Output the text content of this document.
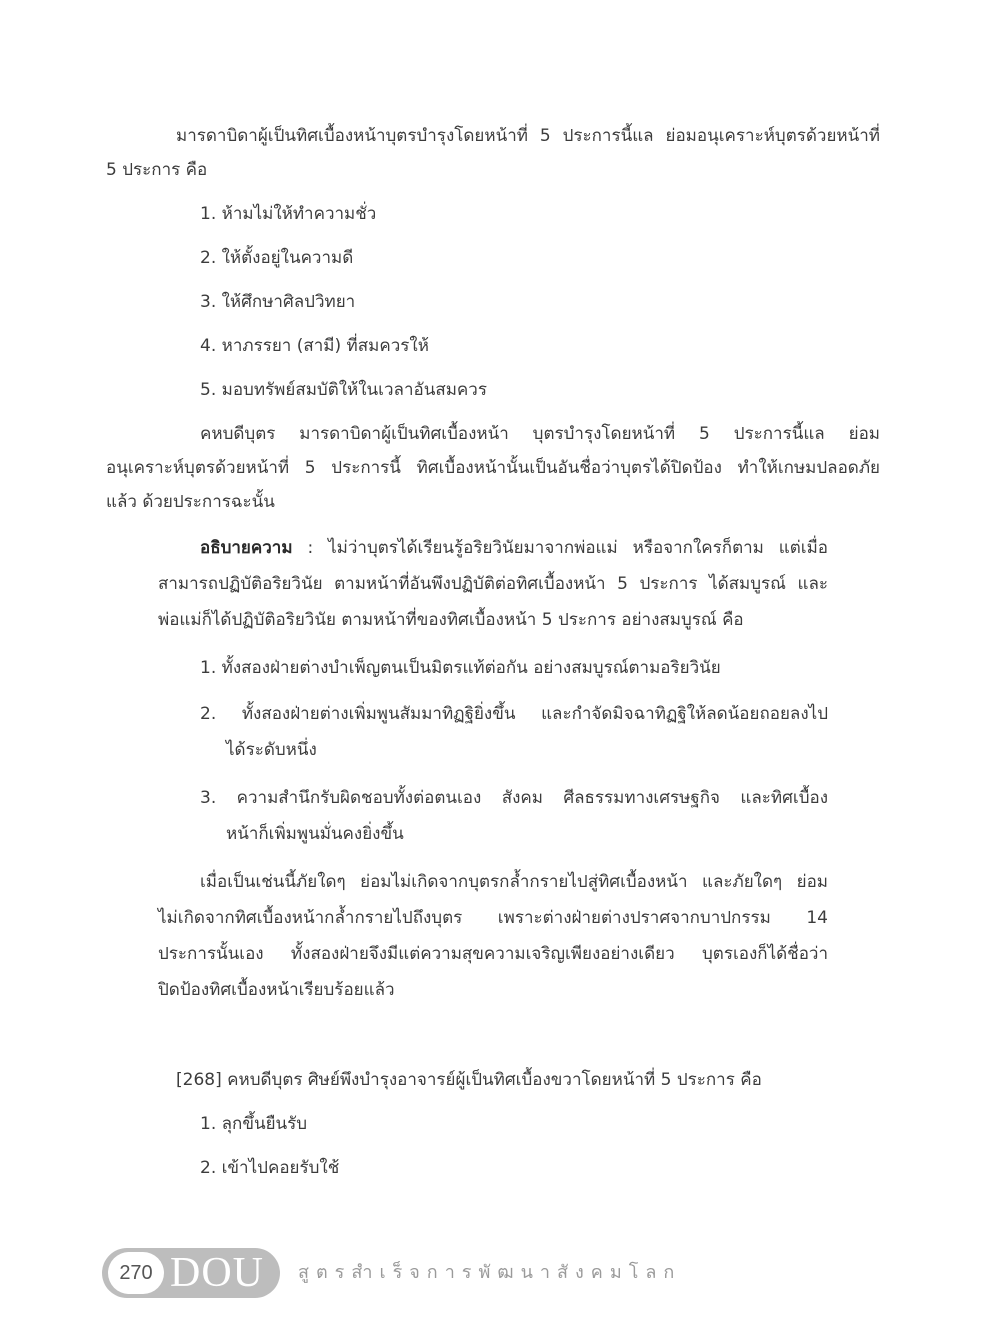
มารดาบิดาผู้เป็นทิศเบื้องหน้าบุตรบำรุงโดยหน้าที่ 5 ประการนี้แล ย่อมอนุเคราะห์บุตรด้วยหน้าที่

5 ประการ คือ

1. ห้ามไม่ให้ทำความชั่ว

2. ให้ตั้งอยู่ในความดี

3. ให้ศึกษาศิลปวิทยา

4. หาภรรยา (สามี) ที่สมควรให้

5. มอบทรัพย์สมบัติให้ในเวลาอันสมควร

คหบดีบุตร มารดาบิดาผู้เป็นทิศเบื้องหน้า บุตรบำรุงโดยหน้าที่ 5 ประการนี้แล ย่อม

อนุเคราะห์บุตรด้วยหน้าที่ 5 ประการนี้ ทิศเบื้องหน้านั้นเป็นอันชื่อว่าบุตรได้ปิดป้อง ทำให้เกษมปลอดภัย

แล้ว ด้วยประการฉะนั้น

อธิบายความ : ไม่ว่าบุตรได้เรียนรู้อริยวินัยมาจากพ่อแม่ หรือจากใครก็ตาม แต่เมื่อ

สามารถปฏิบัติอริยวินัย ตามหน้าที่อันพึงปฏิบัติต่อทิศเบื้องหน้า 5 ประการ ได้สมบูรณ์ และ

พ่อแม่ก็ได้ปฏิบัติอริยวินัย ตามหน้าที่ของทิศเบื้องหน้า 5 ประการ อย่างสมบูรณ์ คือ

1. ทั้งสองฝ่ายต่างบำเพ็ญตนเป็นมิตรแท้ต่อกัน อย่างสมบูรณ์ตามอริยวินัย

2. ทั้งสองฝ่ายต่างเพิ่มพูนสัมมาทิฏฐิยิ่งขึ้น และกำจัดมิจฉาทิฏฐิให้ลดน้อยถอยลงไป

ได้ระดับหนึ่ง

3. ความสำนึกรับผิดชอบทั้งต่อตนเอง สังคม ศีลธรรมทางเศรษฐกิจ และทิศเบื้อง

หน้าก็เพิ่มพูนมั่นคงยิ่งขึ้น

เมื่อเป็นเช่นนี้ภัยใดๆ ย่อมไม่เกิดจากบุตรกล้ำกรายไปสู่ทิศเบื้องหน้า และภัยใดๆ ย่อม

ไม่เกิดจากทิศเบื้องหน้ากล้ำกรายไปถึงบุตร เพราะต่างฝ่ายต่างปราศจากบาปกรรม 14

ประการนั้นเอง ทั้งสองฝ่ายจึงมีแต่ความสุขความเจริญเพียงอย่างเดียว บุตรเองก็ได้ชื่อว่า

ปิดป้องทิศเบื้องหน้าเรียบร้อยแล้ว

[268] คหบดีบุตร ศิษย์พึงบำรุงอาจารย์ผู้เป็นทิศเบื้องขวาโดยหน้าที่ 5 ประการ คือ

1. ลุกขึ้นยืนรับ

2. เข้าไปคอยรับใช้

270 DOU สูตรสำเร็จการพัฒนาสังคมโลก
